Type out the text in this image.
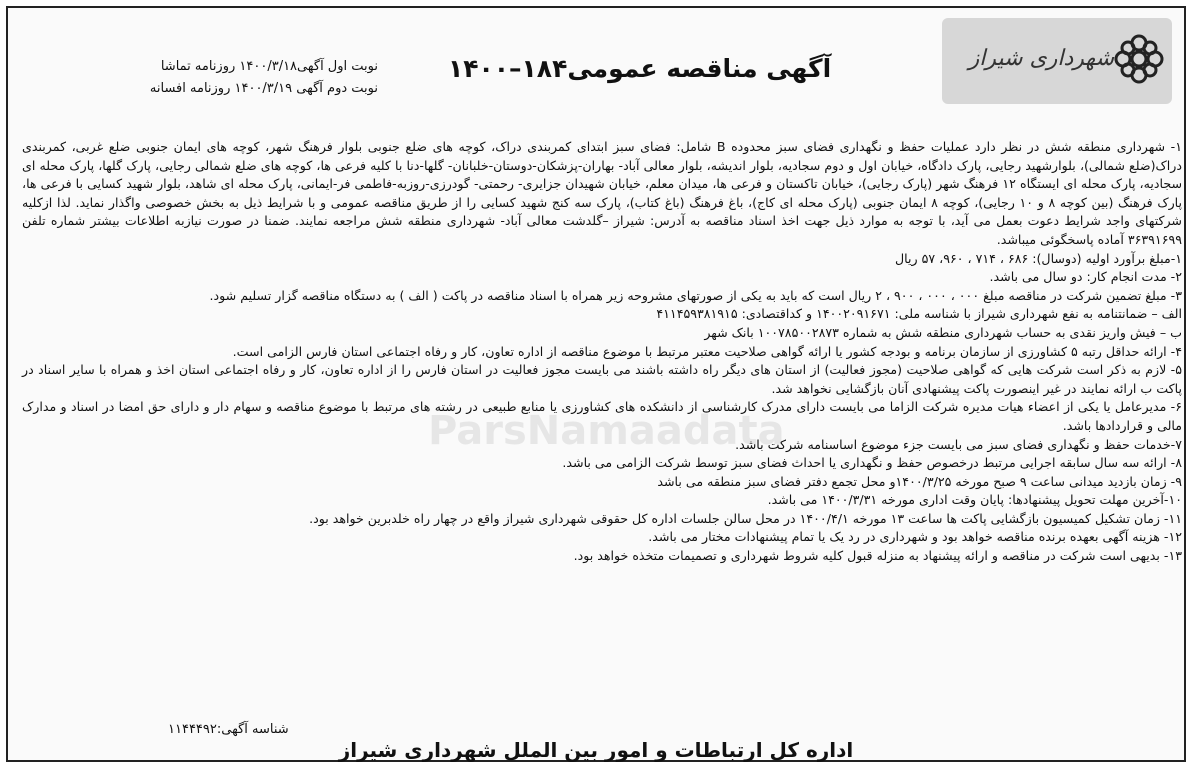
شهرداری شیراز
آگهی مناقصه عمومی۱۸۴–۱۴۰۰
نوبت اول آگهی۱۴۰۰/۳/۱۸ روزنامه تماشا
نوبت دوم آگهی ۱۴۰۰/۳/۱۹ روزنامه افسانه
ParsNamaadata

۱- شهرداری منطقه شش در نظر دارد عملیات حفظ و نگهداری فضای سبز محدوده B شامل: فضای سبز ابتدای کمربندی دراک، کوچه های ضلع جنوبی بلوار فرهنگ شهر، کوچه های ایمان جنوبی ضلع غربی، کمربندی دراک(ضلع شمالی)، بلوارشهید رجایی، پارک دادگاه، خیابان اول و دوم سجادیه، بلوار اندیشه، بلوار معالی آباد- بهاران-پزشکان-دوستان-خلبانان- گلها-دنا با کلیه فرعی ها، کوچه های ضلع شمالی رجایی، پارک گلها، پارک محله ای سجادیه، پارک محله ای ایستگاه ۱۲ فرهنگ شهر (پارک رجایی)، خیابان تاکستان و فرعی ها، میدان معلم، خیابان شهیدان جزایری- رحمتی- گودرزی-روزبه-فاطمی فر-ایمانی، پارک محله ای شاهد، بلوار شهید کسایی با فرعی ها، پارک فرهنگ (بین کوچه ۸ و ۱۰ رجایی)، کوچه ۸ ایمان جنوبی (پارک محله ای کاج)، باغ فرهنگ (باغ کتاب)، پارک سه کنج شهید کسایی را از طریق مناقصه عمومی و با شرایط ذیل به بخش خصوصی واگذار نماید. لذا ازکلیه شرکتهای واجد شرایط دعوت بعمل می آید، با توجه به موارد ذیل جهت اخذ اسناد مناقصه به آدرس: شیراز –گلدشت معالی آباد- شهرداری منطقه شش مراجعه نمایند. ضمنا در صورت نیازبه اطلاعات بیشتر شماره تلفن ۳۶۳۹۱۶۹۹ آماده پاسخگوئی میباشد.

۱-مبلغ برآورد اولیه (دوسال): ۶۸۶ ، ۷۱۴ ، ۹۶۰، ۵۷ ریال

۲- مدت انجام کار: دو سال می باشد.

۳- مبلغ تضمین شرکت در مناقصه مبلغ ۰۰۰ ، ۰۰۰ ، ۹۰۰ ، ۲ ریال است که باید به یکی از صورتهای مشروحه زیر همراه با اسناد مناقصه در پاکت ( الف ) به دستگاه مناقصه گزار تسلیم شود.

الف – ضمانتنامه به نفع شهرداری شیراز با شناسه ملی: ۱۴۰۰۲۰۹۱۶۷۱ و کداقتصادی: ۴۱۱۴۵۹۳۸۱۹۱۵

ب – فیش واریز نقدی به حساب شهرداری منطقه شش به شماره ۱۰۰۷۸۵۰۰۲۸۷۳ بانک شهر

۴- ارائه حداقل رتبه ۵ کشاورزی از سازمان برنامه و بودجه کشور یا ارائه گواهی صلاحیت معتبر مرتبط با موضوع مناقصه از اداره تعاون، کار و رفاه اجتماعی استان فارس الزامی است.

۵- لازم به ذکر است شرکت هایی که گواهی صلاحیت (مجوز فعالیت) از استان های دیگر راه داشته باشند می بایست مجوز فعالیت در استان فارس را از اداره تعاون، کار و رفاه اجتماعی استان اخذ و همراه با سایر اسناد در پاکت ب ارائه نمایند در غیر اینصورت پاکت پیشنهادی آنان بازگشایی نخواهد شد.

۶- مدیرعامل یا یکی از اعضاء هیات مدیره شرکت الزاما می بایست دارای مدرک کارشناسی از دانشکده های کشاورزی یا منابع طبیعی در رشته های مرتبط با موضوع مناقصه و سهام دار و دارای حق امضا در اسناد و مدارک مالی و قراردادها باشد.

۷-خدمات حفظ و نگهداری فضای سبز می بایست جزء موضوع اساسنامه شرکت باشد.

۸- ارائه سه سال سابقه اجرایی مرتبط درخصوص حفظ و نگهداری یا احداث فضای سبز توسط شرکت الزامی می باشد.

۹- زمان بازدید میدانی ساعت ۹ صبح مورخه ۱۴۰۰/۳/۲۵و محل تجمع دفتر فضای سبز منطقه می باشد

۱۰-آخرین مهلت تحویل پیشنهادها: پایان وقت اداری مورخه ۱۴۰۰/۳/۳۱ می باشد.

۱۱- زمان تشکیل کمیسیون بازگشایی پاکت ها ساعت ۱۳ مورخه ۱۴۰۰/۴/۱ در محل سالن جلسات اداره کل حقوقی شهرداری شیراز واقع در چهار راه خلدبرین خواهد بود.

۱۲- هزینه آگهی بعهده برنده مناقصه خواهد بود و شهرداری در رد یک یا تمام پیشنهادات مختار می باشد.

۱۳- بدیهی است شرکت در مناقصه و ارائه پیشنهاد به منزله قبول کلیه شروط شهرداری و تصمیمات متخذه خواهد بود.

شناسه آگهی:۱۱۴۴۴۹۲
اداره کل ارتباطات و امور بین الملل شهرداری شیراز
